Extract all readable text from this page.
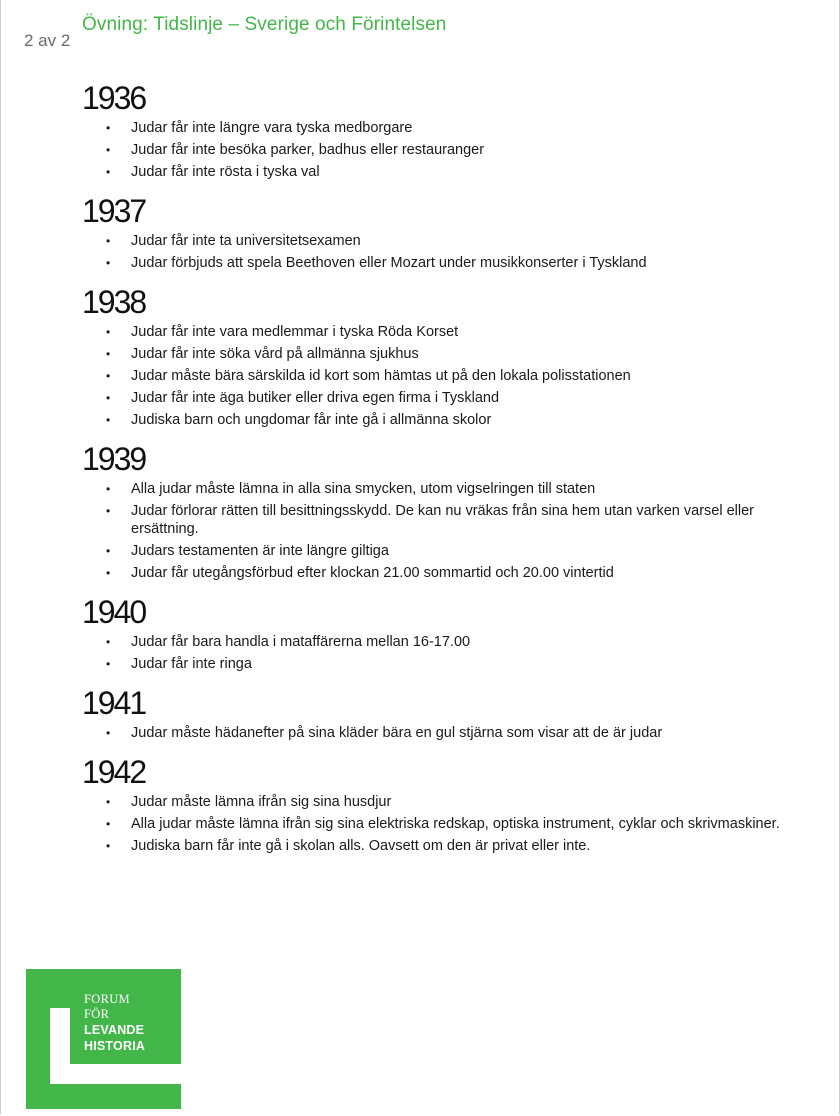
Övning: Tidslinje – Sverige och Förintelsen
2 av 2
1936
• Judar får inte längre vara tyska medborgare
• Judar får inte besöka parker, badhus eller restauranger
• Judar får inte rösta i tyska val
1937
• Judar får inte ta universitetsexamen
• Judar förbjuds att spela Beethoven eller Mozart under musikkonserter i Tyskland
1938
• Judar får inte vara medlemmar i tyska Röda Korset
• Judar får inte söka vård på allmänna sjukhus
• Judar måste bära särskilda id kort som hämtas ut på den lokala polisstationen
• Judar får inte äga butiker eller driva egen firma i Tyskland
• Judiska barn och ungdomar får inte gå i allmänna skolor
1939
• Alla judar måste lämna in alla sina smycken, utom vigselringen till staten
• Judar förlorar rätten till besittningsskydd. De kan nu vräkas från sina hem utan varken varsel eller ersättning.
• Judars testamenten är inte längre giltiga
• Judar får utegångsförbud efter klockan 21.00 sommartid och 20.00 vintertid
1940
• Judar får bara handla i mataffärerna mellan 16-17.00
• Judar får inte ringa
1941
• Judar måste hädanefter på sina kläder bära en gul stjärna som visar att de är judar
1942
• Judar måste lämna ifrån sig sina husdjur
• Alla judar måste lämna ifrån sig sina elektriska redskap, optiska instrument, cyklar och skrivmaskiner.
• Judiska barn får inte gå i skolan alls. Oavsett om den är privat eller inte.
FORUM
FÖR
LEVANDE
HISTORIA
